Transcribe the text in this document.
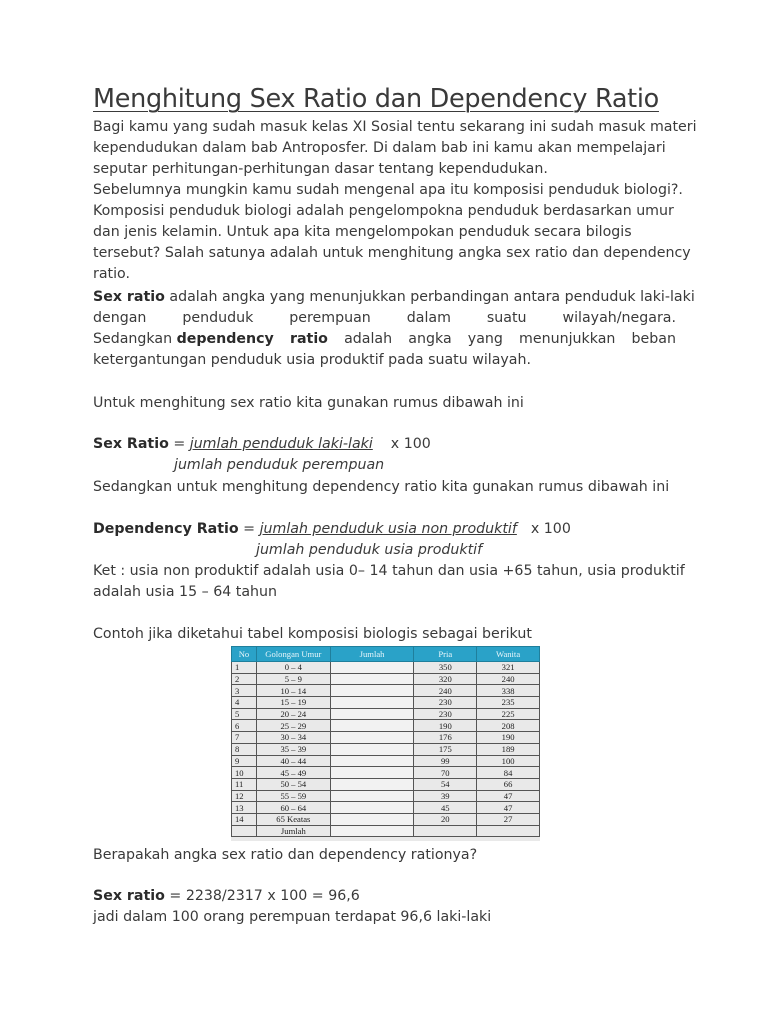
Menghitung Sex Ratio dan Dependency Ratio
Bagi kamu yang sudah masuk kelas XI Sosial tentu sekarang ini sudah masuk materi
kependudukan dalam bab Antroposfer. Di dalam bab ini kamu akan mempelajari
seputar perhitungan-perhitungan dasar tentang kependudukan.
Sebelumnya mungkin kamu sudah mengenal apa itu komposisi penduduk biologi?.
Komposisi penduduk biologi adalah pengelompokna penduduk berdasarkan umur
dan jenis kelamin. Untuk apa kita mengelompokan penduduk secara bilogis
tersebut? Salah satunya adalah untuk menghitung angka sex ratio dan dependency
ratio.
Sex ratio adalah angka yang menunjukkan perbandingan antara penduduk laki-laki
dengan	penduduk	perempuan	dalam	suatu	wilayah/negara.
Sedangkan dependency ratio adalah angka yang menunjukkan beban
ketergantungan penduduk usia produktif pada suatu wilayah.
Untuk menghitung sex ratio kita gunakan rumus dibawah ini
Sex Ratio = jumlah penduduk laki-laki x 100
jumlah penduduk perempuan
Sedangkan untuk menghitung dependency ratio kita gunakan rumus dibawah ini
Dependency Ratio = jumlah penduduk usia non produktif x 100
jumlah penduduk usia produktif
Ket : usia non produktif adalah usia 0– 14 tahun dan usia +65 tahun, usia produktif
adalah usia 15 – 64 tahun
Contoh jika diketahui tabel komposisi biologis sebagai berikut
Berapakah angka sex ratio dan dependency rationya?
Sex ratio = 2238/2317 x 100 = 96,6
jadi dalam 100 orang perempuan terdapat 96,6 laki-laki
No	Golongan Umur	Jumlah	Pria	Wanita
1	0 – 4		350	321
2	5 – 9		320	240
3	10 – 14		240	338
4	15 – 19		230	235
5	20 – 24		230	225
6	25 – 29		190	208
7	30 – 34		176	190
8	35 – 39		175	189
9	40 – 44		99	100
10	45 – 49		70	84
11	50 – 54		54	66
12	55 – 59		39	47
13	60 – 64		45	47
14	65 Keatas		20	27
	Jumlah			
